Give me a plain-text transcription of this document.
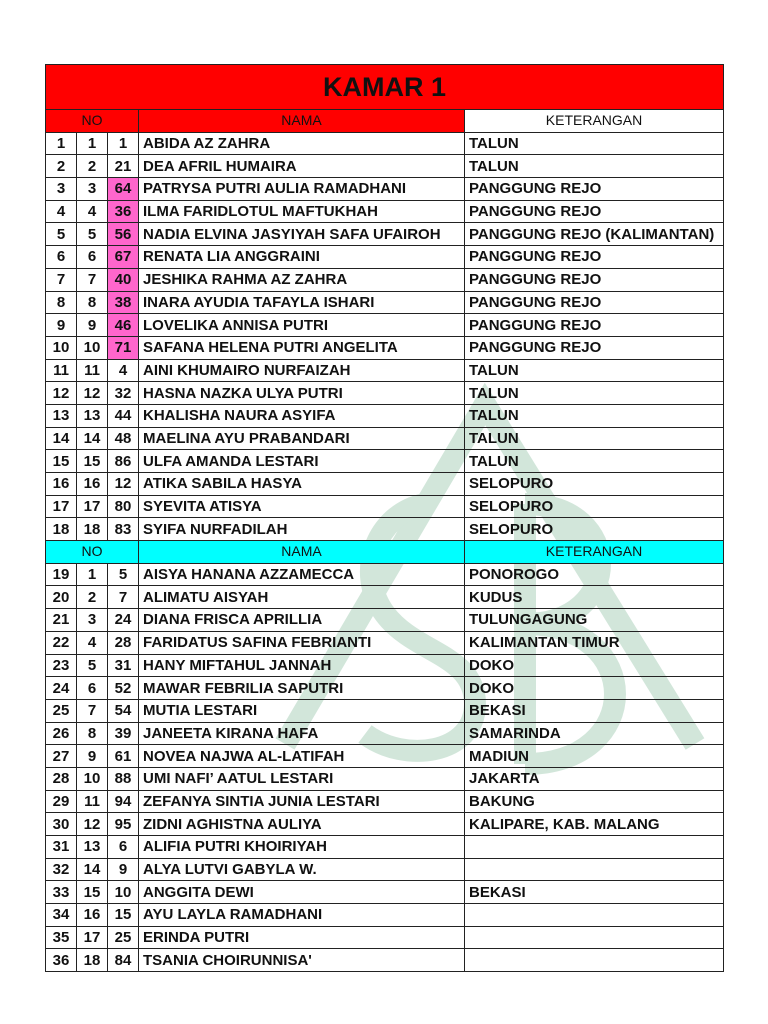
KAMAR 1				
NO			NAMA	KETERANGAN
1	1	1	ABIDA AZ ZAHRA	TALUN
2	2	21	DEA AFRIL HUMAIRA	TALUN
3	3	64	PATRYSA PUTRI AULIA RAMADHANI	PANGGUNG REJO
4	4	36	ILMA FARIDLOTUL MAFTUKHAH	PANGGUNG REJO
5	5	56	NADIA ELVINA JASYIYAH SAFA UFAIROH	PANGGUNG REJO (KALIMANTAN)
6	6	67	RENATA LIA ANGGRAINI	PANGGUNG REJO
7	7	40	JESHIKA RAHMA AZ ZAHRA	PANGGUNG REJO
8	8	38	INARA AYUDIA TAFAYLA ISHARI	PANGGUNG REJO
9	9	46	LOVELIKA ANNISA PUTRI	PANGGUNG REJO
10	10	71	SAFANA HELENA PUTRI ANGELITA	PANGGUNG REJO
11	11	4	AINI KHUMAIRO NURFAIZAH	TALUN
12	12	32	HASNA NAZKA ULYA PUTRI	TALUN
13	13	44	KHALISHA NAURA ASYIFA	TALUN
14	14	48	MAELINA AYU PRABANDARI	TALUN
15	15	86	ULFA AMANDA LESTARI	TALUN
16	16	12	ATIKA SABILA HASYA	SELOPURO
17	17	80	SYEVITA ATISYA	SELOPURO
18	18	83	SYIFA NURFADILAH	SELOPURO
NO			NAMA	KETERANGAN
19	1	5	AISYA HANANA AZZAMECCA	PONOROGO
20	2	7	ALIMATU AISYAH	KUDUS
21	3	24	DIANA FRISCA APRILLIA	TULUNGAGUNG
22	4	28	FARIDATUS SAFINA FEBRIANTI	KALIMANTAN TIMUR
23	5	31	HANY MIFTAHUL JANNAH	DOKO
24	6	52	MAWAR FEBRILIA SAPUTRI	DOKO
25	7	54	MUTIA LESTARI	BEKASI
26	8	39	JANEETA KIRANA HAFA	SAMARINDA
27	9	61	NOVEA NAJWA AL-LATIFAH	MADIUN
28	10	88	UMI NAFI’ AATUL LESTARI	JAKARTA
29	11	94	ZEFANYA SINTIA JUNIA LESTARI	BAKUNG
30	12	95	ZIDNI AGHISTNA AULIYA	KALIPARE, KAB. MALANG
31	13	6	ALIFIA PUTRI KHOIRIYAH	
32	14	9	ALYA LUTVI GABYLA W.	
33	15	10	ANGGITA DEWI	BEKASI
34	16	15	AYU LAYLA RAMADHANI	
35	17	25	ERINDA PUTRI	
36	18	84	TSANIA CHOIRUNNISA'	
